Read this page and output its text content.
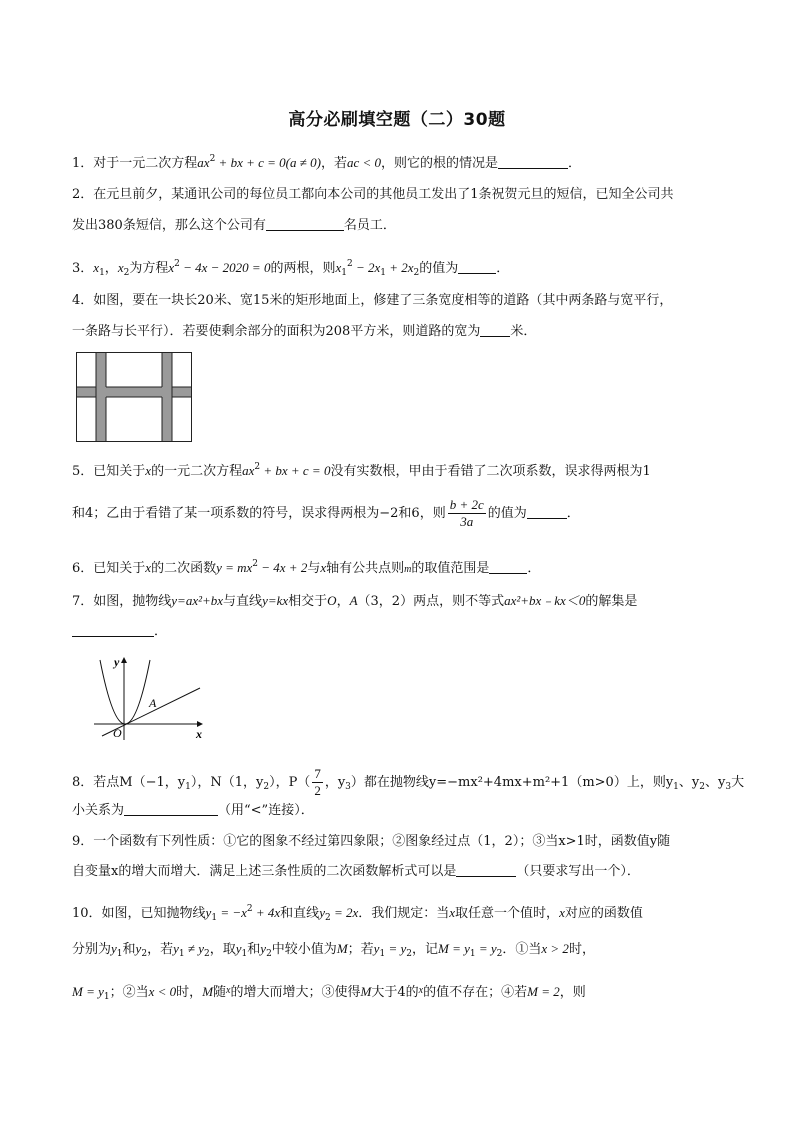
高分必刷填空题（二）30题
1．对于一元二次方程$ax^2$ + bx + c = 0(a ≠ 0)，若ac < 0，则它的根的情况是	．
2．在元旦前夕，某通讯公司的每位员工都向本公司的其他员工发出了1条祝贺元旦的短信，已知全公司共
发出380条短信，那么这个公司有	名员工．
3．$x_1$，$x_2$为方程$x^2 - 4x - 2020 = 0$的两根，则$x_1^2 - 2x_1 + 2x_2$的值为	．
4．如图，要在一块长20米、宽15米的矩形地面上，修建了三条宽度相等的道路（其中两条路与宽平行，
一条路与长平行）．若要使剩余部分的面积为208平方米，则道路的宽为 米．
5．已知关于x的一元二次方程$ax^2$ + bx + c = 0没有实数根，甲由于看错了二次项系数，误求得两根为1
和4；乙由于看错了某一项系数的符号，误求得两根为−2和6，则 $\frac{b + 2c}{3a}$ 的值为	．
6．已知关于x的二次函数$y = mx^2 - 4x + 2$与x轴有公共点则m的取值范围是	．
7．如图，抛物线y=ax²+bx与直线y=kx相交于O，A（3，2）两点，则不等式ax²+bx﹣kx＜0的解集是
．
y
x
O
A
8．若点M（−1，$y_1$），N（1，$y_2$），$P( \frac{7}{2}$ ，$y_3$）都在抛物线y=−mx²+4mx+m²+1（m>0）上，则$y_1$、$y_2$、$y_3$大
小关系为	（用“<”连接）．
9．一个函数有下列性质：①它的图象不经过第四象限；②图象经过点（1，2）；③当x>1时，函数值y随
自变量x的增大而增大．满足上述三条性质的二次函数解析式可以是	（只要求写出一个）．
10．如图，已知抛物线$y_1 = -x^2 + 4x$和直线$y_2 = 2x$．我们规定：当x取任意一个值时，x对应的函数值
分别为$y_1$和$y_2$，若$y_1 \ne y_2$，取$y_1$和$y_2$中较小值为M；若$y_1 = y_2$，记$M = y_1 = y_2$．①当x > 2时，
$M = y_1$；②当x < 0时，M随$^x$的增大而增大；③使得M大于4的$^x$的值不存在；④若M = 2，则
